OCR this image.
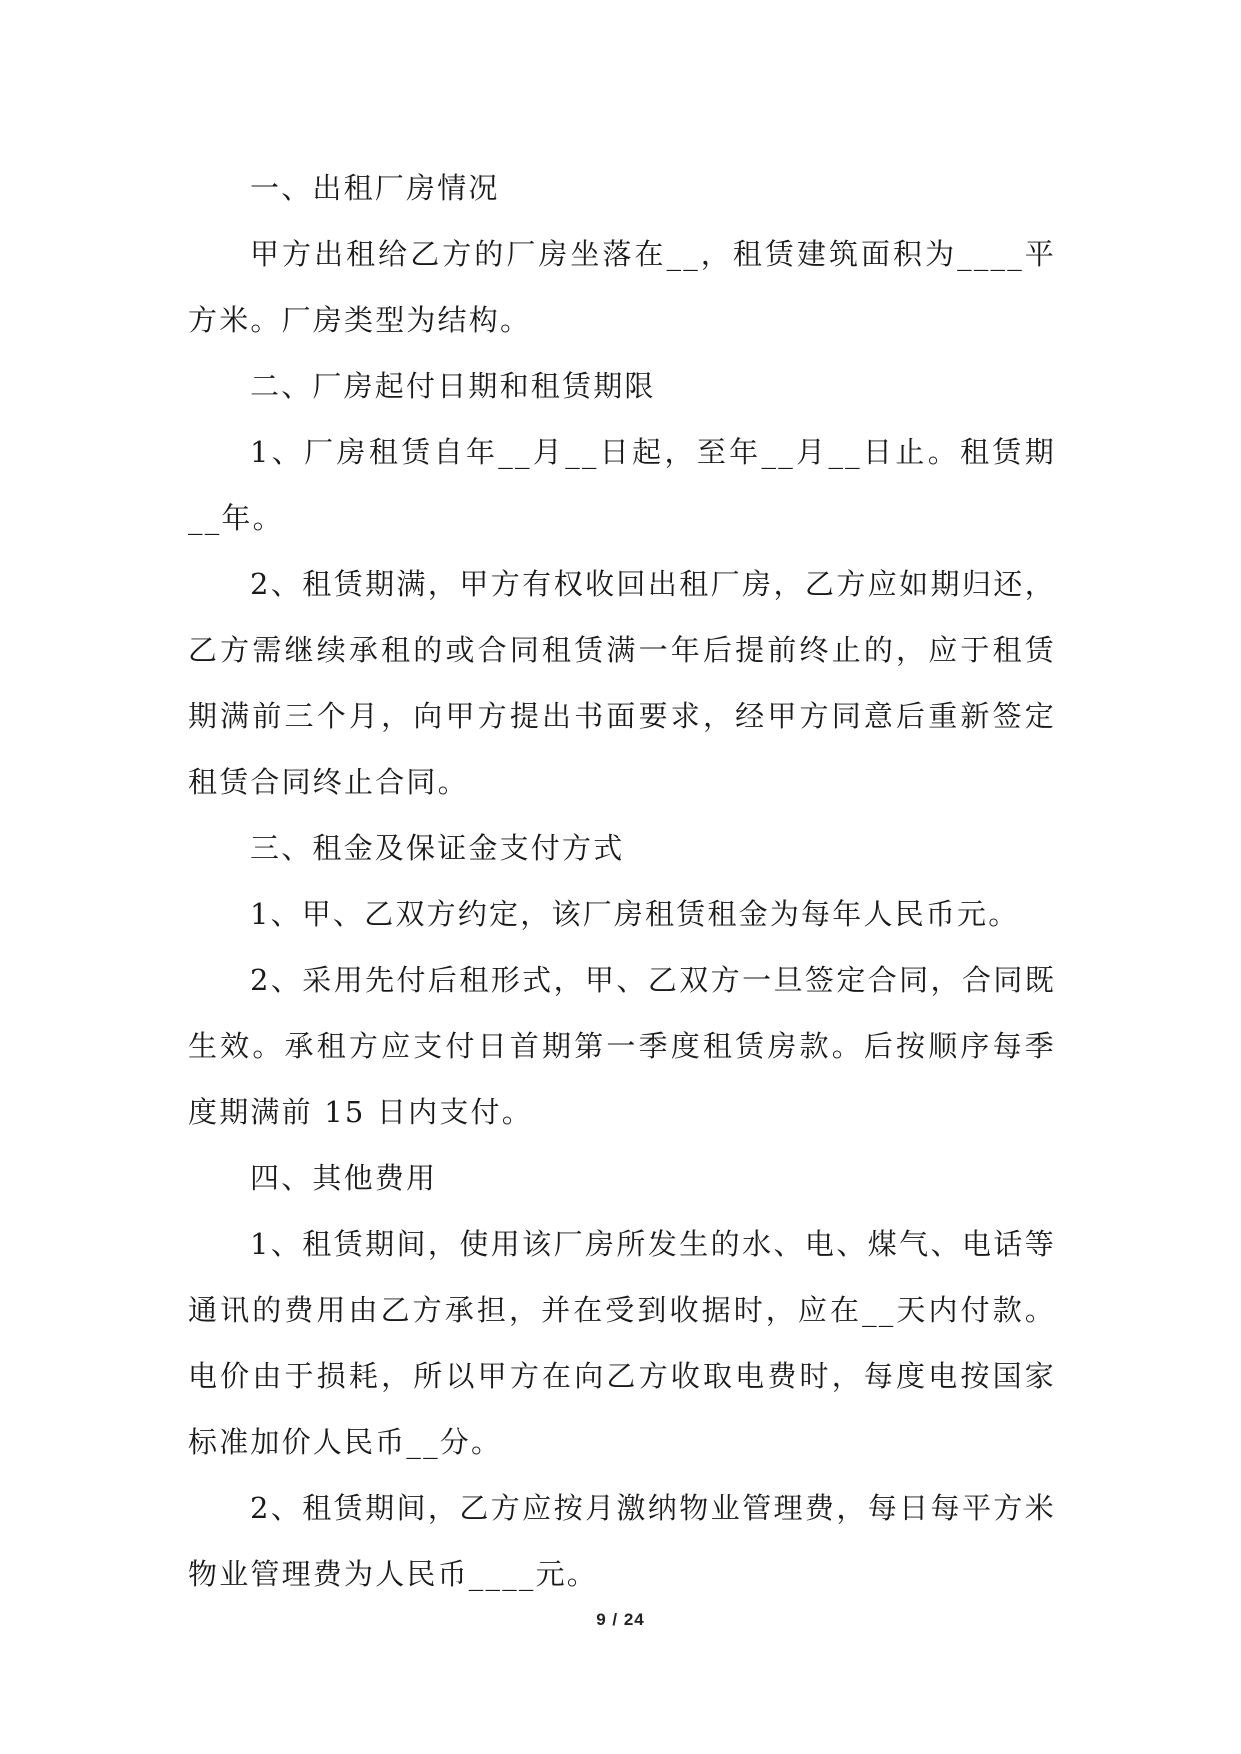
一、出租厂房情况

甲方出租给乙方的厂房坐落在__，租赁建筑面积为____平方米。厂房类型为结构。

二、厂房起付日期和租赁期限

1、厂房租赁自年__月__日起，至年__月__日止。租赁期__年。

2、租赁期满，甲方有权收回出租厂房，乙方应如期归还，乙方需继续承租的或合同租赁满一年后提前终止的，应于租赁期满前三个月，向甲方提出书面要求，经甲方同意后重新签定租赁合同终止合同。

三、租金及保证金支付方式

1、甲、乙双方约定，该厂房租赁租金为每年人民币元。

2、采用先付后租形式，甲、乙双方一旦签定合同，合同既生效。承租方应支付日首期第一季度租赁房款。后按顺序每季度期满前 15 日内支付。

四、其他费用

1、租赁期间，使用该厂房所发生的水、电、煤气、电话等通讯的费用由乙方承担，并在受到收据时，应在__天内付款。电价由于损耗，所以甲方在向乙方收取电费时，每度电按国家标准加价人民币__分。

2、租赁期间，乙方应按月激纳物业管理费，每日每平方米物业管理费为人民币____元。

9 / 24
